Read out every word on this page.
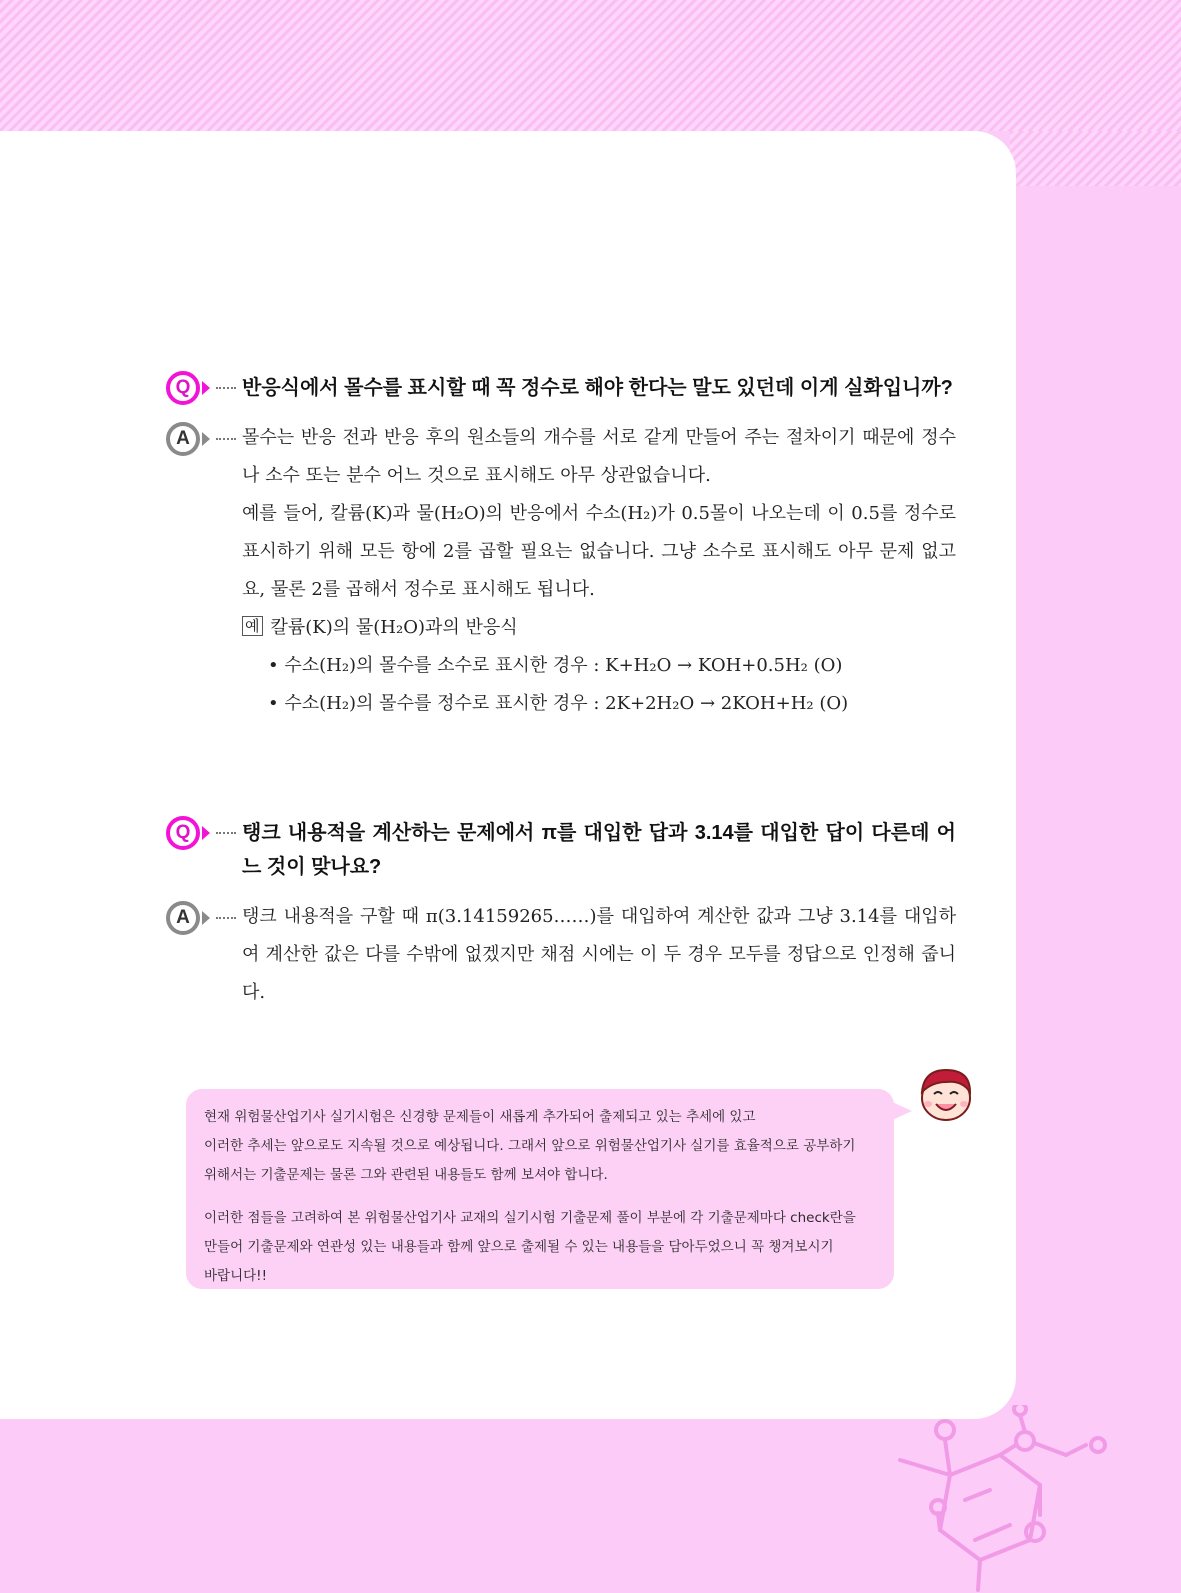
Q	반응식에서 몰수를 표시할 때 꼭 정수로 해야 한다는 말도 있던데 이게 실화입니까?
A	몰수는 반응 전과 반응 후의 원소들의 개수를 서로 같게 만들어 주는 절차이기 때문에 정수나 소수 또는 분수 어느 것으로 표시해도 아무 상관없습니다.

예를 들어, 칼륨(K)과 물(H₂O)의 반응에서 수소(H₂)가 0.5몰이 나오는데 이 0.5를 정수로 표시하기 위해 모든 항에 2를 곱할 필요는 없습니다. 그냥 소수로 표시해도 아무 문제 없고요, 물론 2를 곱해서 정수로 표시해도 됩니다.

예 칼륨(K)의 물(H₂O)과의 반응식

• 수소(H₂)의 몰수를 소수로 표시한 경우 : K+H₂O → KOH+0.5H₂ (O)

• 수소(H₂)의 몰수를 정수로 표시한 경우 : 2K+2H₂O → 2KOH+H₂ (O)

Q	탱크 내용적을 계산하는 문제에서 π를 대입한 답과 3.14를 대입한 답이 다른데 어느 것이 맞나요?
A	탱크 내용적을 구할 때 π(3.14159265……)를 대입하여 계산한 값과 그냥 3.14를 대입하여 계산한 값은 다를 수밖에 없겠지만 채점 시에는 이 두 경우 모두를 정답으로 인정해 줍니다.

현재 위험물산업기사 실기시험은 신경향 문제들이 새롭게 추가되어 출제되고 있는 추세에 있고

이러한 추세는 앞으로도 지속될 것으로 예상됩니다. 그래서 앞으로 위험물산업기사 실기를 효율적으로 공부하기

위해서는 기출문제는 물론 그와 관련된 내용들도 함께 보셔야 합니다.

이러한 점들을 고려하여 본 위험물산업기사 교재의 실기시험 기출문제 풀이 부분에 각 기출문제마다 check란을

만들어 기출문제와 연관성 있는 내용들과 함께 앞으로 출제될 수 있는 내용들을 담아두었으니 꼭 챙겨보시기

바랍니다!!
